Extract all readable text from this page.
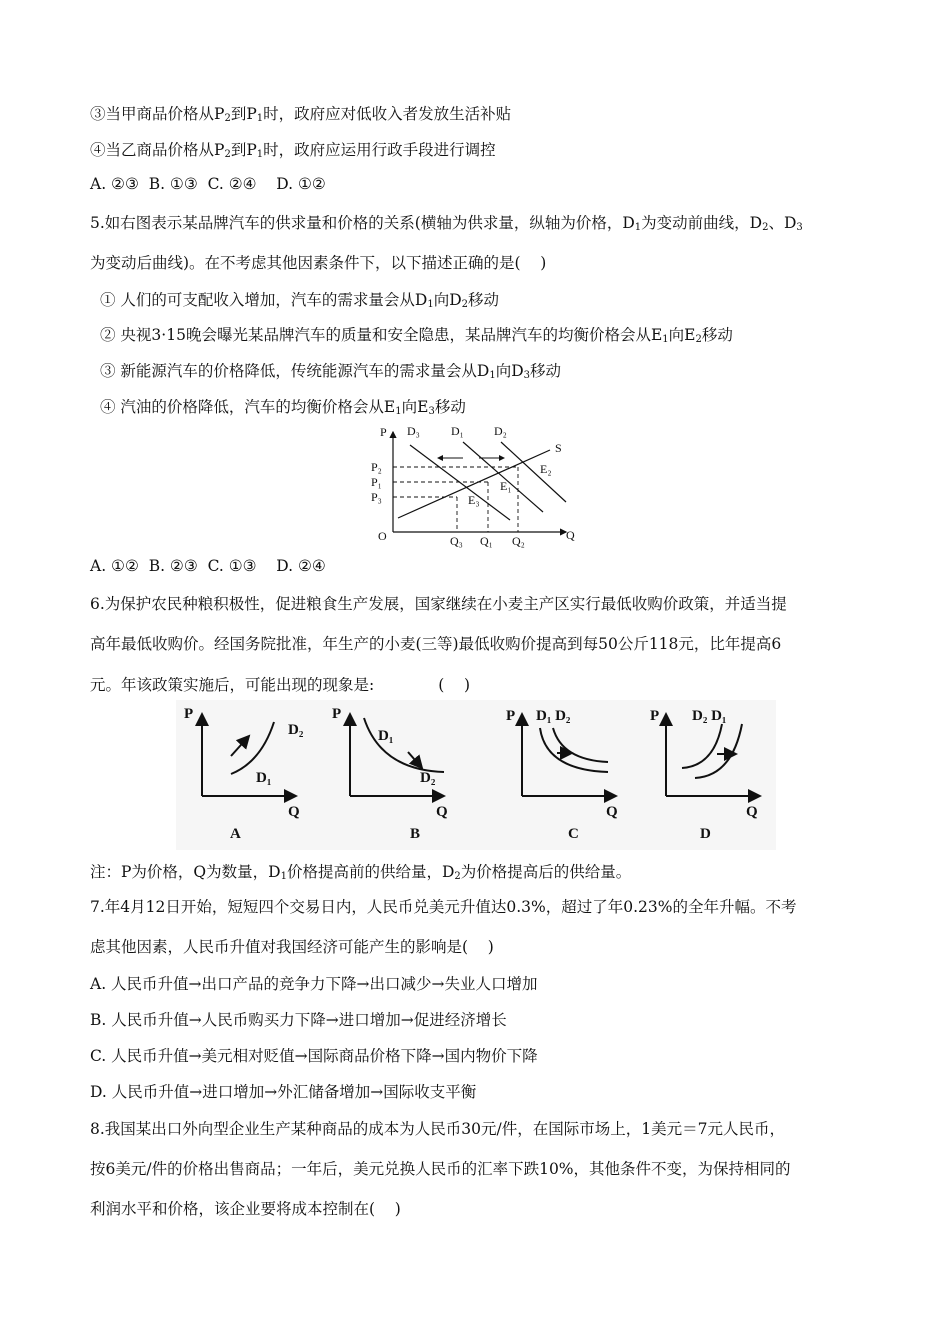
③当甲商品价格从$P_2$到$P_1$时，政府应对低收入者发放生活补贴
④当乙商品价格从$P_2$到$P_1$时，政府应运用行政手段进行调控
A. ②③  B. ①③  C. ②④    D. ①②
5.如右图表示某品牌汽车的供求量和价格的关系(横轴为供求量，纵轴为价格，$D_1$为变动前曲线，$D_2$、$D_3$
为变动后曲线)。在不考虑其他因素条件下，以下描述正确的是(    )
① 人们的可支配收入增加，汽车的需求量会从$D_1$向$D_2$移动
② 央视3·15晚会曝光某品牌汽车的质量和安全隐患，某品牌汽车的均衡价格会从$E_1$向$E_2$移动
③ 新能源汽车的价格降低，传统能源汽车的需求量会从$D_1$向$D_3$移动
④ 汽油的价格降低，汽车的均衡价格会从$E_1$向$E_3$移动
P
Q
O
S
D₃	D₁	D₂
P₂
P₁
P₃
E₁
E₂
E₃
Q₃ Q₁ Q₂
A. ①②  B. ②③  C. ①③    D. ②④
6.为保护农民种粮积极性，促进粮食生产发展，国家继续在小麦主产区实行最低收购价政策，并适当提
高年最低收购价。经国务院批准，年生产的小麦(三等)最低收购价提高到每50公斤118元，比年提高6
元。年该政策实施后，可能出现的现象是:             (    )
P
Q
D₂
D₁
A
P
Q
D₁
D₂
B
P
Q
D₁ D₂
C
P
Q
D₂ D₁
D
注：P为价格，Q为数量，$D_1$价格提高前的供给量，$D_2$为价格提高后的供给量。
7.年4月12日开始，短短四个交易日内，人民币兑美元升值达0.3%，超过了年0.23%的全年升幅。不考
虑其他因素，人民币升值对我国经济可能产生的影响是(    )
A. 人民币升值→出口产品的竞争力下降→出口减少→失业人口增加
B. 人民币升值→人民币购买力下降→进口增加→促进经济增长
C. 人民币升值→美元相对贬值→国际商品价格下降→国内物价下降
D. 人民币升值→进口增加→外汇储备增加→国际收支平衡
8.我国某出口外向型企业生产某种商品的成本为人民币30元/件，在国际市场上，1美元＝7元人民币，
按6美元/件的价格出售商品；一年后，美元兑换人民币的汇率下跌10%，其他条件不变，为保持相同的
利润水平和价格，该企业要将成本控制在(    )
